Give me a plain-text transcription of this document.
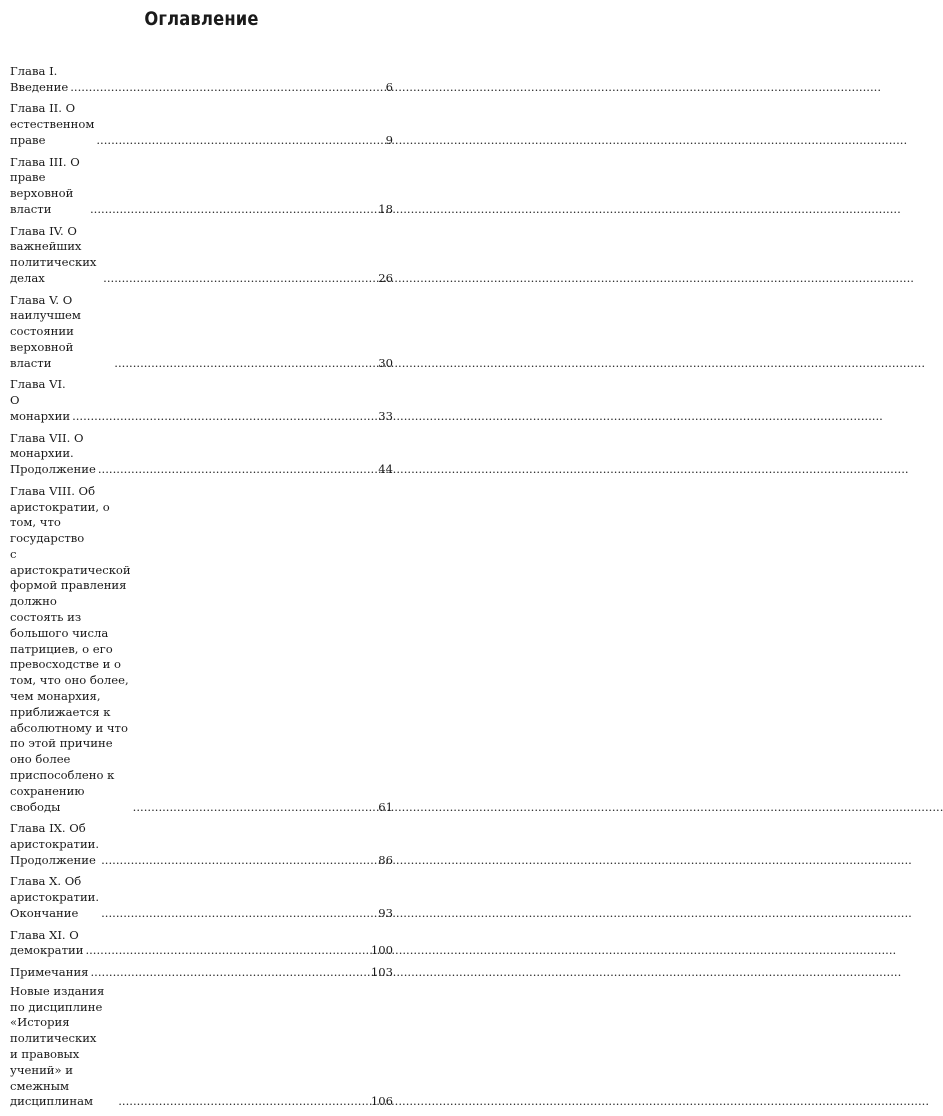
Оглавление
Глава I. Введение .....	6
Глава II. О естественном праве .....	9
Глава III. О праве верховной власти .....	18
Глава IV. О важнейших политических делах .....	26
Глава V. О наилучшем состоянии верховной власти .....	30
Глава VI. О монархии .....	33
Глава VII. О монархии. Продолжение .....	44
Глава VIII. Об аристократии, о том, что государство
с аристократической формой правления должно
состоять из большого числа патрициев, о его
превосходстве и о том, что оно более, чем монархия,
приближается к абсолютному и что по этой причине
оно более приспособлено к сохранению свободы .....	61
Глава IX. Об аристократии. Продолжение .....	86
Глава X. Об аристократии. Окончание .....	93
Глава XI. О демократии .....	100
Примечания .....	103
Новые издания по дисциплине «История политических
и правовых учений» и смежным дисциплинам .....	106
